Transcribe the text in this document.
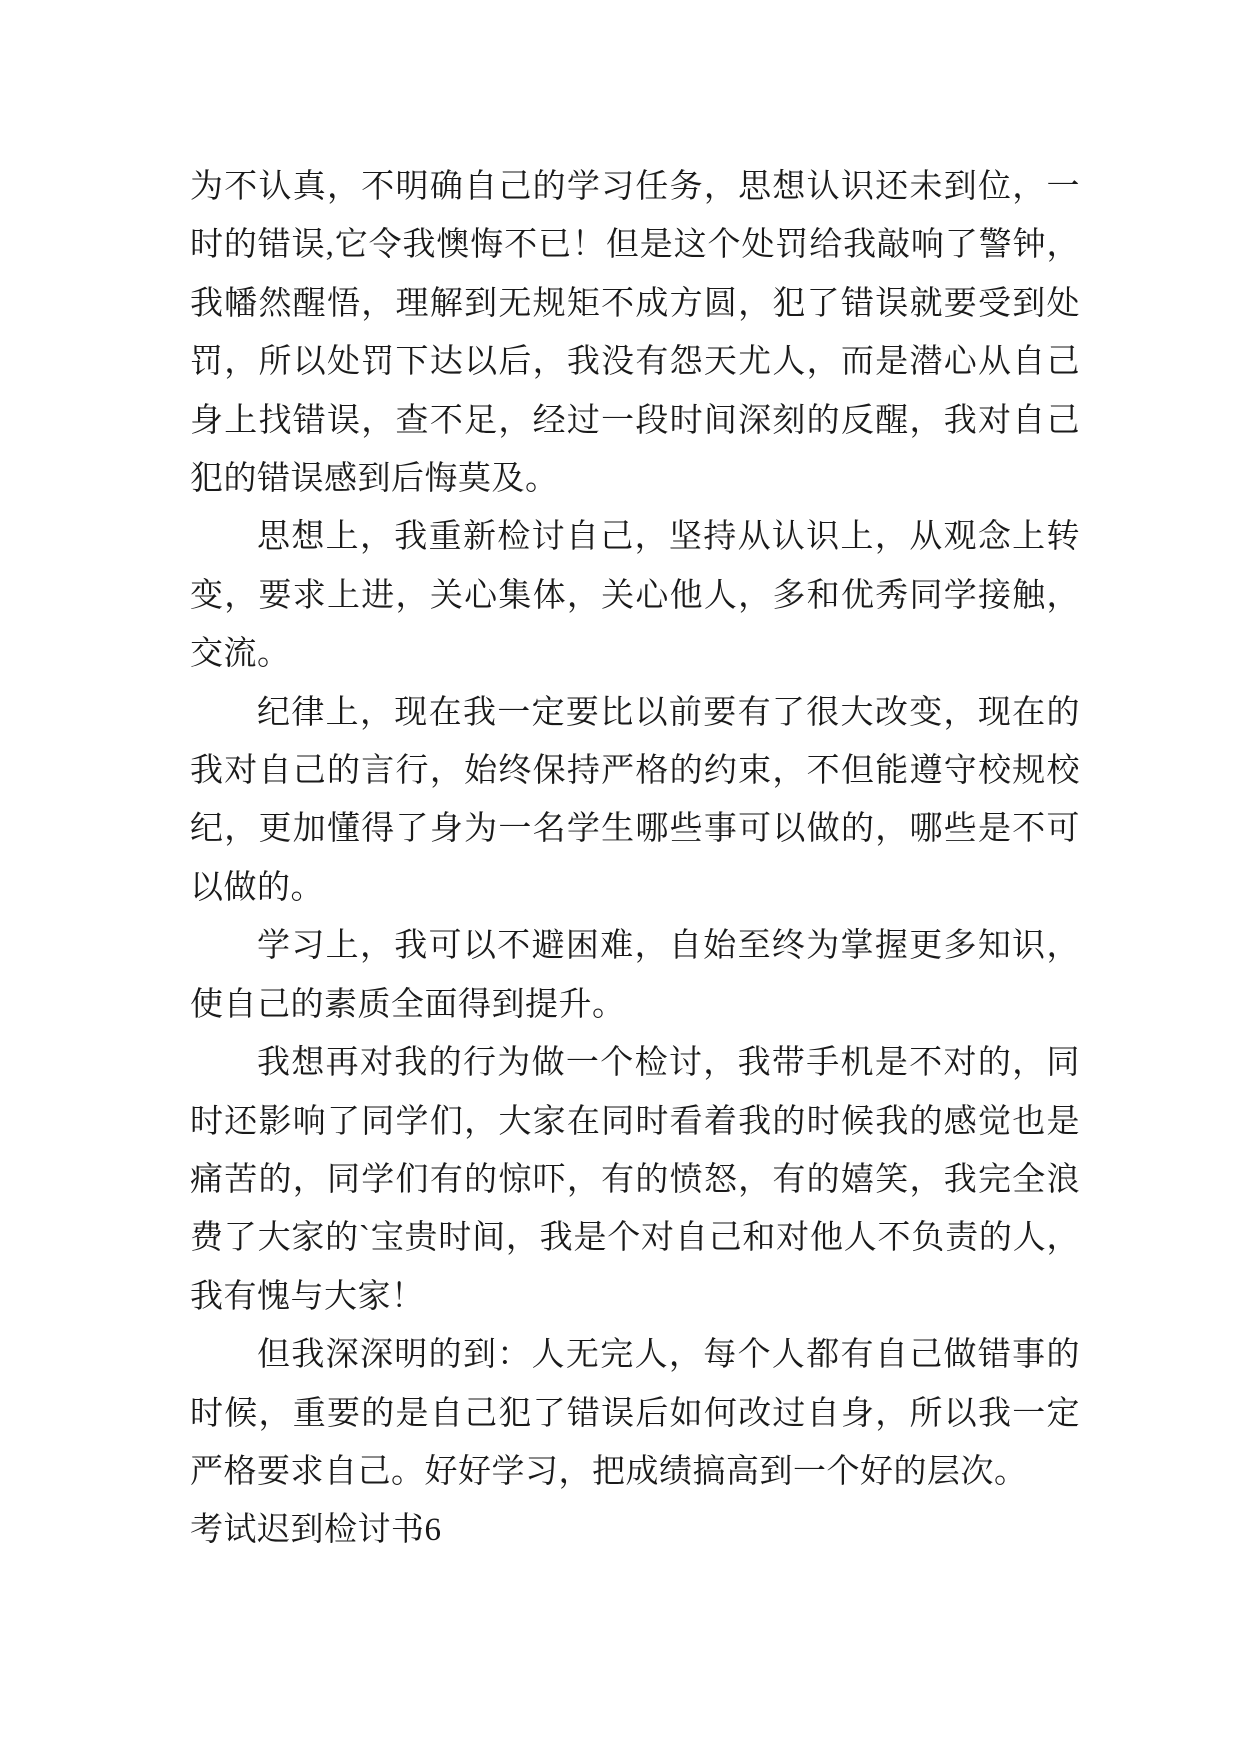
为不认真，不明确自己的学习任务，思想认识还未到位，一
时的错误,它令我懊悔不已！但是这个处罚给我敲响了警钟，
我幡然醒悟，理解到无规矩不成方圆，犯了错误就要受到处
罚，所以处罚下达以后，我没有怨天尤人，而是潜心从自己
身上找错误，查不足，经过一段时间深刻的反醒，我对自己
犯的错误感到后悔莫及。
思想上，我重新检讨自己，坚持从认识上，从观念上转
变，要求上进，关心集体，关心他人，多和优秀同学接触，
交流。
纪律上，现在我一定要比以前要有了很大改变，现在的
我对自己的言行，始终保持严格的约束，不但能遵守校规校
纪，更加懂得了身为一名学生哪些事可以做的，哪些是不可
以做的。
学习上，我可以不避困难，自始至终为掌握更多知识，
使自己的素质全面得到提升。
我想再对我的行为做一个检讨，我带手机是不对的，同
时还影响了同学们，大家在同时看着我的时候我的感觉也是
痛苦的，同学们有的惊吓，有的愤怒，有的嬉笑，我完全浪
费了大家的`宝贵时间，我是个对自己和对他人不负责的人，
我有愧与大家！
但我深深明的到：人无完人，每个人都有自己做错事的
时候，重要的是自己犯了错误后如何改过自身，所以我一定
严格要求自己。好好学习，把成绩搞高到一个好的层次。
考试迟到检讨书6
